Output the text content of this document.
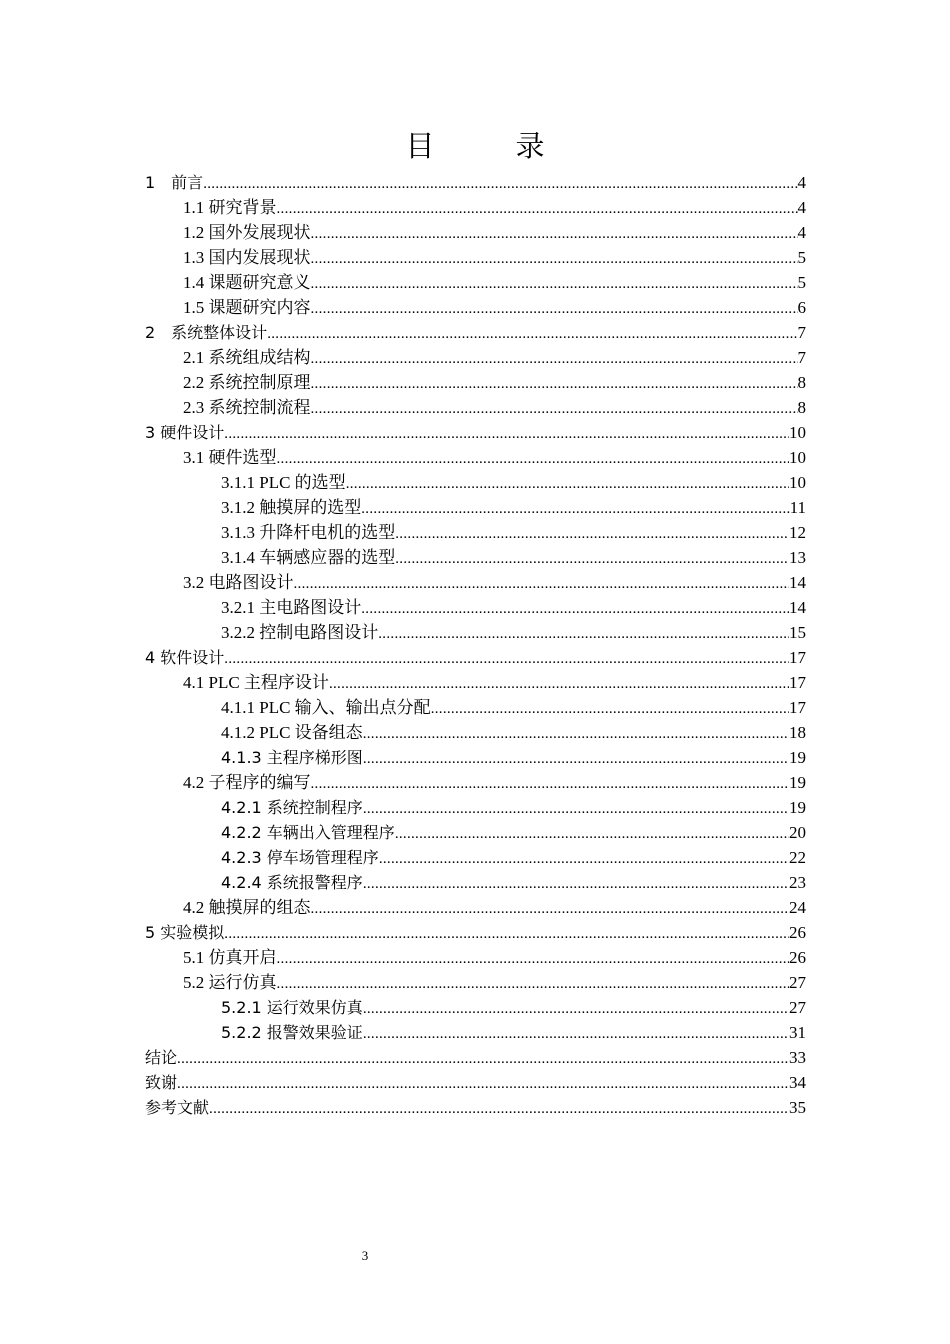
目　录
1　前言 .....	4
1.1 研究背景 .....	4
1.2 国外发展现状 .....	4
1.3 国内发展现状 .....	5
1.4 课题研究意义 .....	5
1.5 课题研究内容 .....	6
2　系统整体设计 .....	7
2.1 系统组成结构 .....	7
2.2 系统控制原理 .....	8
2.3 系统控制流程 .....	8
3 硬件设计 .....	10
3.1 硬件选型 .....	10
3.1.1 PLC 的选型 .....	10
3.1.2 触摸屏的选型 .....	11
3.1.3 升降杆电机的选型 .....	12
3.1.4 车辆感应器的选型 .....	13
3.2 电路图设计 .....	14
3.2.1 主电路图设计 .....	14
3.2.2 控制电路图设计 .....	15
4 软件设计 .....	17
4.1 PLC 主程序设计 .....	17
4.1.1 PLC 输入、输出点分配 .....	17
4.1.2 PLC 设备组态 .....	18
4.1.3 主程序梯形图 .....	19
4.2 子程序的编写 .....	19
4.2.1 系统控制程序 .....	19
4.2.2 车辆出入管理程序 .....	20
4.2.3 停车场管理程序 .....	22
4.2.4 系统报警程序 .....	23
4.2 触摸屏的组态 .....	24
5 实验模拟 .....	26
5.1 仿真开启 .....	26
5.2 运行仿真 .....	27
5.2.1 运行效果仿真 .....	27
5.2.2 报警效果验证 .....	31
结论 .....	33
致谢 .....	34
参考文献 .....	35
3
